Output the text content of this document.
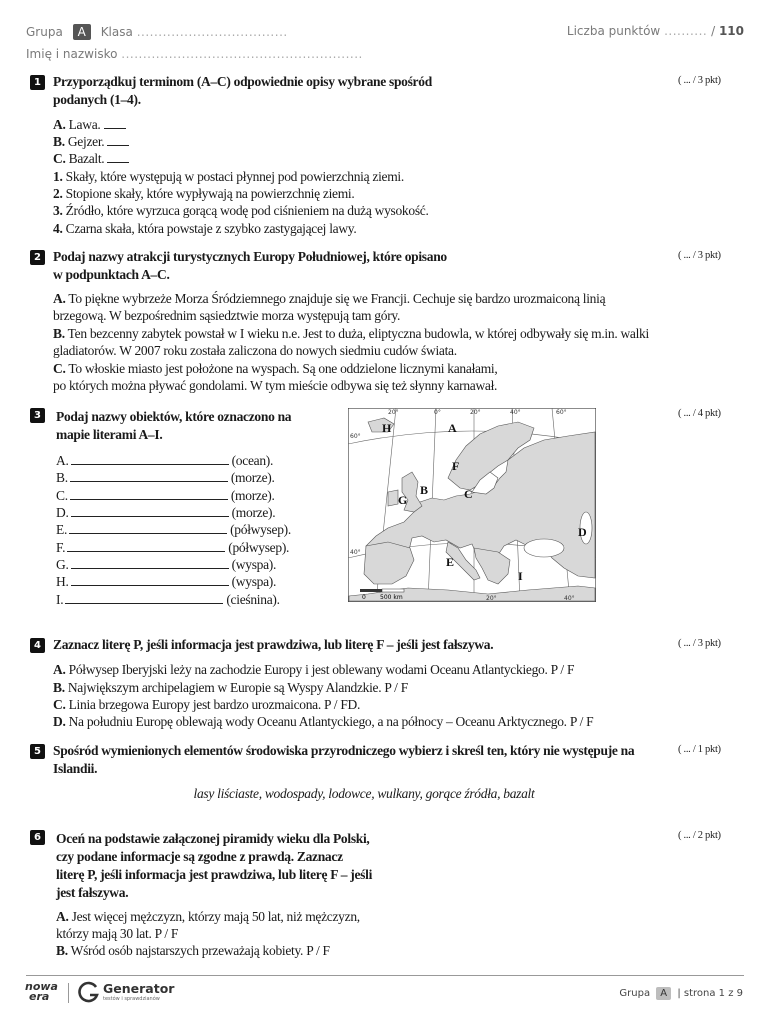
Grupa A Klasa ...................................	Liczba punktów .......... / 110
Imię i nazwisko ........................................................
1 Przyporządkuj terminom (A–C) odpowiednie opisy wybrane spośród
podanych (1–4).
( ... / 3 pkt)
A. Lawa.
B. Gejzer.
C. Bazalt.
1. Skały, które występują w postaci płynnej pod powierzchnią ziemi.
2. Stopione skały, które wypływają na powierzchnię ziemi.
3. Źródło, które wyrzuca gorącą wodę pod ciśnieniem na dużą wysokość.
4. Czarna skała, która powstaje z szybko zastygającej lawy.
2 Podaj nazwy atrakcji turystycznych Europy Południowej, które opisano
w podpunktach A–C.
( ... / 3 pkt)
A. To piękne wybrzeże Morza Śródziemnego znajduje się we Francji. Cechuje się bardzo urozmaiconą linią
brzegową. W bezpośrednim sąsiedztwie morza występują tam góry.
B. Ten bezcenny zabytek powstał w I wieku n.e. Jest to duża, eliptyczna budowla, w której odbywały się m.in. walki
gladiatorów. W 2007 roku została zaliczona do nowych siedmiu cudów świata.
C. To włoskie miasto jest położone na wyspach. Są one oddzielone licznymi kanałami,
po których można pływać gondolami. W tym mieście odbywa się też słynny karnawał.
3 Podaj nazwy obiektów, które oznaczono na
mapie literami A–I.
( ... / 4 pkt)
A.	(ocean).
B.	(morze).
C.	(morze).
D.	(morze).
E.	(półwysep).
F.	(półwysep).
G.	(wyspa).
H.	(wyspa).
I.	(cieśnina).
20°	0°	20°	40°	60°
60°
40°
20°	40°
0 500 km
H	A
F
B	C
G
D
E
I
4 Zaznacz literę P, jeśli informacja jest prawdziwa, lub literę F – jeśli jest fałszywa.	( ... / 3 pkt)
A. Półwysep Iberyjski leży na zachodzie Europy i jest oblewany wodami Oceanu Atlantyckiego. P / F
B. Największym archipelagiem w Europie są Wyspy Alandzkie. P / F
C. Linia brzegowa Europy jest bardzo urozmaicona. P / FD.
D. Na południu Europę oblewają wody Oceanu Atlantyckiego, a na północy – Oceanu Arktycznego. P / F
5 Spośród wymienionych elementów środowiska przyrodniczego wybierz i skreśl ten, który nie występuje na
Islandii.
( ... / 1 pkt)
lasy liściaste, wodospady, lodowce, wulkany, gorące źródła, bazalt
6 Oceń na podstawie załączonej piramidy wieku dla Polski,
czy podane informacje są zgodne z prawdą. Zaznacz
literę P, jeśli informacja jest prawdziwa, lub literę F – jeśli
jest fałszywa.
( ... / 2 pkt)
A. Jest więcej mężczyzn, którzy mają 50 lat, niż mężczyzn,
którzy mają 30 lat. P / F
B. Wśród osób najstarszych przeważają kobiety. P / F
nowa
era
Generator
testów i sprawdzianów	Grupa A | strona 1 z 9
